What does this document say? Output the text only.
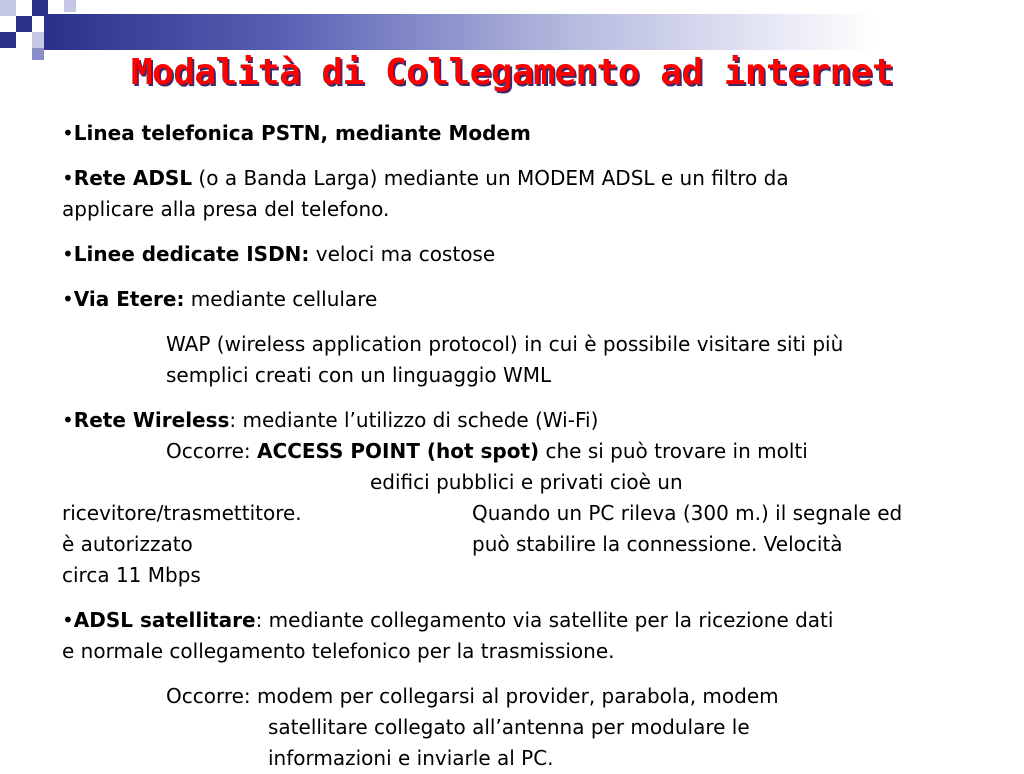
Modalità di Collegamento ad internet

•Linea telefonica PSTN, mediante Modem

•Rete ADSL (o a Banda Larga) mediante un MODEM ADSL e un filtro da
applicare alla presa del telefono.

•Linee dedicate ISDN: veloci ma costose

•Via Etere: mediante cellulare

WAP (wireless application protocol) in cui è possibile visitare siti più
semplici creati con un linguaggio WML

•Rete Wireless: mediante l’utilizzo di schede (Wi-Fi)

Occorre: ACCESS POINT (hot spot) che si può trovare in molti

edifici pubblici e privati cioè un

ricevitore/trasmettitore.	Quando un PC rileva (300 m.) il segnale ed
è autorizzato	può stabilire la connessione. Velocità

circa 11 Mbps

•ADSL satellitare: mediante collegamento via satellite per la ricezione dati
e normale collegamento telefonico per la trasmissione.

Occorre: modem per collegarsi al provider, parabola, modem

satellitare collegato all’antenna per modulare le

informazioni e inviarle al PC.
